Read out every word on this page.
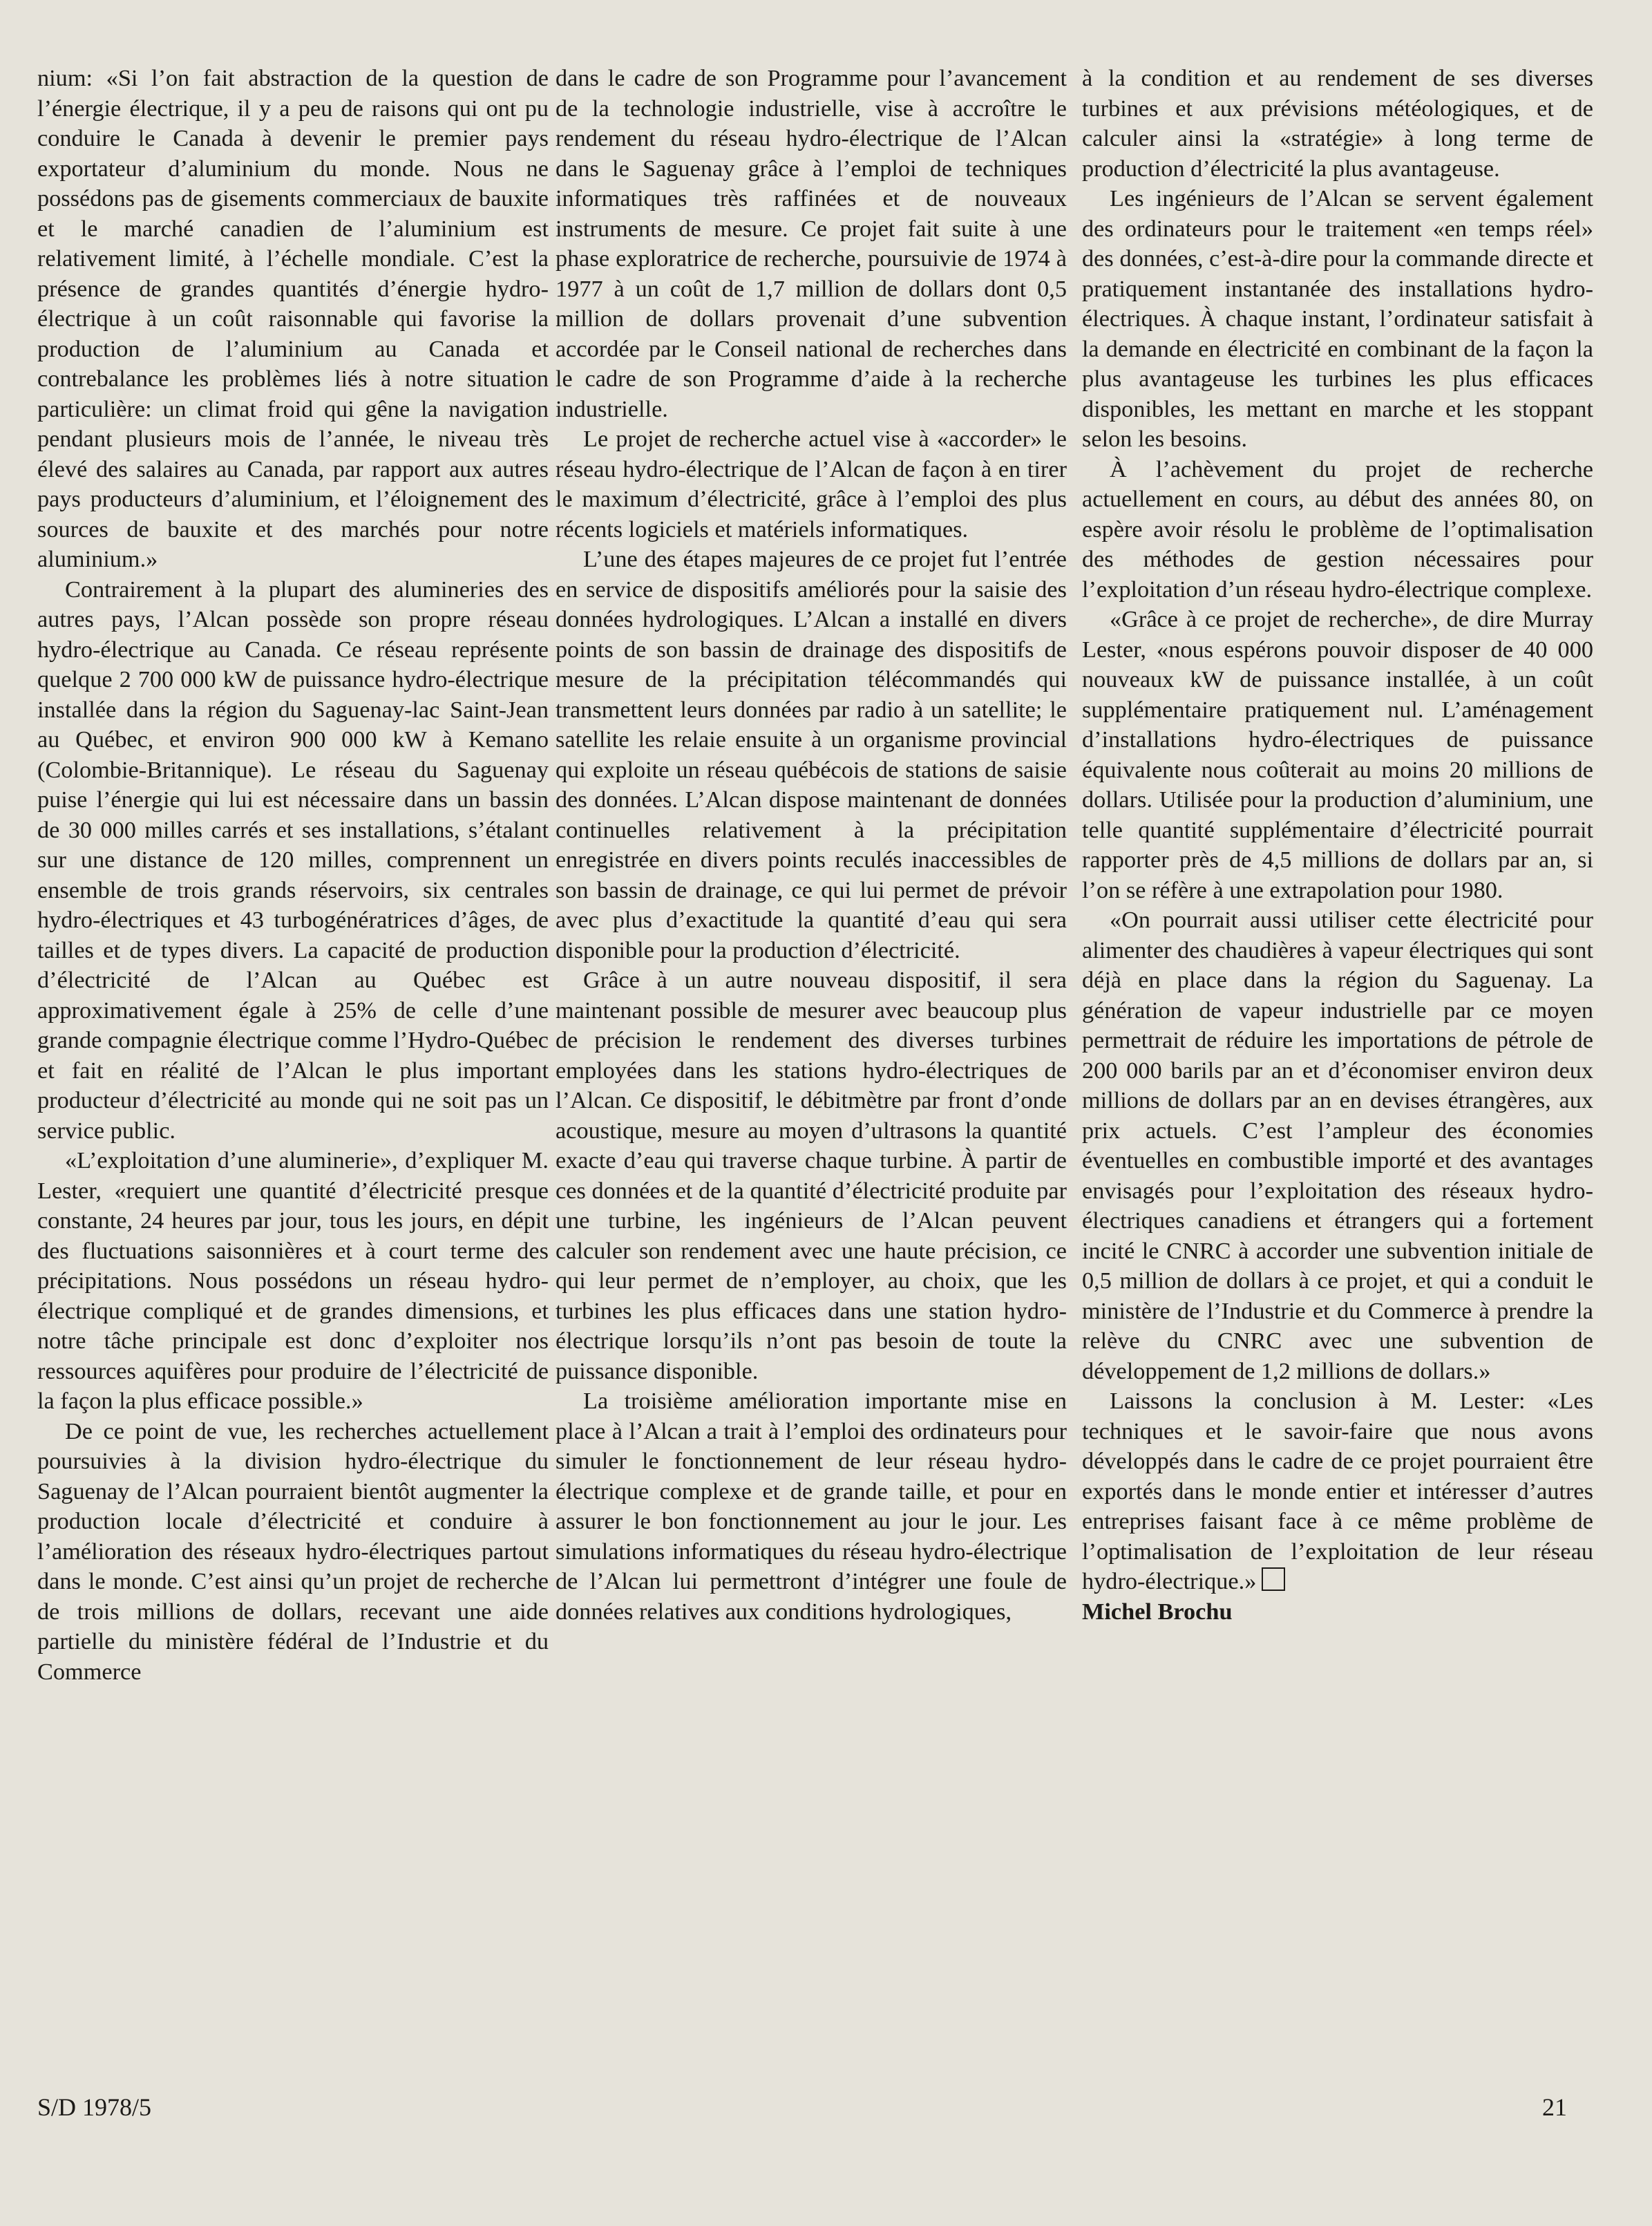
nium: «Si l’on fait abstraction de la question de l’énergie électrique, il y a peu de raisons qui ont pu conduire le Canada à devenir le premier pays exportateur d’aluminium du monde. Nous ne possédons pas de gisements commerciaux de bauxite et le marché canadien de l’aluminium est relativement limité, à l’échelle mondiale. C’est la présence de grandes quantités d’énergie hydro-électrique à un coût raisonnable qui favorise la production de l’aluminium au Canada et contrebalance les problèmes liés à notre situation particulière: un climat froid qui gêne la navigation pendant plusieurs mois de l’année, le niveau très élevé des salaires au Canada, par rapport aux autres pays producteurs d’aluminium, et l’éloignement des sources de bauxite et des marchés pour notre aluminium.»

Contrairement à la plupart des alumineries des autres pays, l’Alcan possède son propre réseau hydro-électrique au Canada. Ce réseau représente quelque 2 700 000 kW de puissance hydro-électrique installée dans la région du Saguenay-lac Saint-Jean au Québec, et environ 900 000 kW à Kemano (Colombie-Britannique). Le réseau du Saguenay puise l’énergie qui lui est nécessaire dans un bassin de 30 000 milles carrés et ses installations, s’étalant sur une distance de 120 milles, comprennent un ensemble de trois grands réservoirs, six centrales hydro-électriques et 43 turbogénératrices d’âges, de tailles et de types divers. La capacité de production d’électricité de l’Alcan au Québec est approximativement égale à 25% de celle d’une grande compagnie électrique comme l’Hydro-Québec et fait en réalité de l’Alcan le plus important producteur d’électricité au monde qui ne soit pas un service public.

«L’exploitation d’une aluminerie», d’expliquer M. Lester, «requiert une quantité d’électricité presque constante, 24 heures par jour, tous les jours, en dépit des fluctuations saisonnières et à court terme des précipitations. Nous possédons un réseau hydro-électrique compliqué et de grandes dimensions, et notre tâche principale est donc d’exploiter nos ressources aquifères pour produire de l’électricité de la façon la plus efficace possible.»

De ce point de vue, les recherches actuellement poursuivies à la division hydro-électrique du Saguenay de l’Alcan pourraient bientôt augmenter la production locale d’électricité et conduire à l’amélioration des réseaux hydro-électriques partout dans le monde. C’est ainsi qu’un projet de recherche de trois millions de dollars, recevant une aide partielle du ministère fédéral de l’Industrie et du Commerce

dans le cadre de son Programme pour l’avancement de la technologie industrielle, vise à accroître le rendement du réseau hydro-électrique de l’Alcan dans le Saguenay grâce à l’emploi de techniques informatiques très raffinées et de nouveaux instruments de mesure. Ce projet fait suite à une phase exploratrice de recherche, poursuivie de 1974 à 1977 à un coût de 1,7 million de dollars dont 0,5 million de dollars provenait d’une subvention accordée par le Conseil national de recherches dans le cadre de son Programme d’aide à la recherche industrielle.

Le projet de recherche actuel vise à «accorder» le réseau hydro-électrique de l’Alcan de façon à en tirer le maximum d’électricité, grâce à l’emploi des plus récents logiciels et matériels informatiques.

L’une des étapes majeures de ce projet fut l’entrée en service de dispositifs améliorés pour la saisie des données hydrologiques. L’Alcan a installé en divers points de son bassin de drainage des dispositifs de mesure de la précipitation télécommandés qui transmettent leurs données par radio à un satellite; le satellite les relaie ensuite à un organisme provincial qui exploite un réseau québécois de stations de saisie des données. L’Alcan dispose maintenant de données continuelles relativement à la précipitation enregistrée en divers points reculés inaccessibles de son bassin de drainage, ce qui lui permet de prévoir avec plus d’exactitude la quantité d’eau qui sera disponible pour la production d’électricité.

Grâce à un autre nouveau dispositif, il sera maintenant possible de mesurer avec beaucoup plus de précision le rendement des diverses turbines employées dans les stations hydro-électriques de l’Alcan. Ce dispositif, le débitmètre par front d’onde acoustique, mesure au moyen d’ultrasons la quantité exacte d’eau qui traverse chaque turbine. À partir de ces données et de la quantité d’électricité produite par une turbine, les ingénieurs de l’Alcan peuvent calculer son rendement avec une haute précision, ce qui leur permet de n’employer, au choix, que les turbines les plus efficaces dans une station hydro-électrique lorsqu’ils n’ont pas besoin de toute la puissance disponible.

La troisième amélioration importante mise en place à l’Alcan a trait à l’emploi des ordinateurs pour simuler le fonctionnement de leur réseau hydro-électrique complexe et de grande taille, et pour en assurer le bon fonctionnement au jour le jour. Les simulations informatiques du réseau hydro-électrique de l’Alcan lui permettront d’intégrer une foule de données relatives aux conditions hydrologiques,

à la condition et au rendement de ses diverses turbines et aux prévisions météologiques, et de calculer ainsi la «stratégie» à long terme de production d’électricité la plus avantageuse.

Les ingénieurs de l’Alcan se servent également des ordinateurs pour le traitement «en temps réel» des données, c’est-à-dire pour la commande directe et pratiquement instantanée des installations hydro-électriques. À chaque instant, l’ordinateur satisfait à la demande en électricité en combinant de la façon la plus avantageuse les turbines les plus efficaces disponibles, les mettant en marche et les stoppant selon les besoins.

À l’achèvement du projet de recherche actuellement en cours, au début des années 80, on espère avoir résolu le problème de l’optimalisation des méthodes de gestion nécessaires pour l’exploitation d’un réseau hydro-électrique complexe.

«Grâce à ce projet de recherche», de dire Murray Lester, «nous espérons pouvoir disposer de 40 000 nouveaux kW de puissance installée, à un coût supplémentaire pratiquement nul. L’aménagement d’installations hydro-électriques de puissance équivalente nous coûterait au moins 20 millions de dollars. Utilisée pour la production d’aluminium, une telle quantité supplémentaire d’électricité pourrait rapporter près de 4,5 millions de dollars par an, si l’on se réfère à une extrapolation pour 1980.

«On pourrait aussi utiliser cette électricité pour alimenter des chaudières à vapeur électriques qui sont déjà en place dans la région du Saguenay. La génération de vapeur industrielle par ce moyen permettrait de réduire les importations de pétrole de 200 000 barils par an et d’économiser environ deux millions de dollars par an en devises étrangères, aux prix actuels. C’est l’ampleur des économies éventuelles en combustible importé et des avantages envisagés pour l’exploitation des réseaux hydro-électriques canadiens et étrangers qui a fortement incité le CNRC à accorder une subvention initiale de 0,5 million de dollars à ce projet, et qui a conduit le ministère de l’Industrie et du Commerce à prendre la relève du CNRC avec une subvention de développement de 1,2 millions de dollars.»

Laissons la conclusion à M. Lester: «Les techniques et le savoir-faire que nous avons développés dans le cadre de ce projet pourraient être exportés dans le monde entier et intéresser d’autres entreprises faisant face à ce même problème de l’optimalisation de l’exploitation de leur réseau hydro-électrique.»

Michel Brochu

S/D 1978/5	21
